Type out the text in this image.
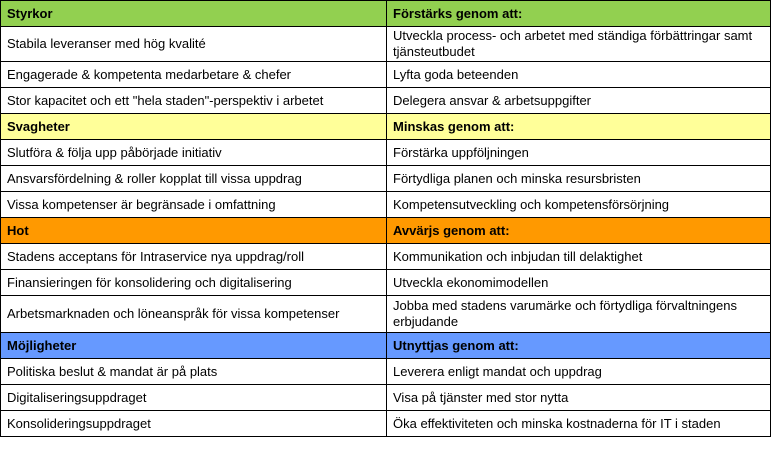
Styrkor	Förstärks genom att:
Stabila leveranser med hög kvalité	Utveckla process- och arbetet med ständiga förbättringar samt tjänsteutbudet
Engagerade & kompetenta medarbetare & chefer	Lyfta goda beteenden
Stor kapacitet och ett "hela staden"-perspektiv i arbetet	Delegera ansvar & arbetsuppgifter
Svagheter	Minskas genom att:
Slutföra & följa upp påbörjade initiativ	Förstärka uppföljningen
Ansvarsfördelning & roller kopplat till vissa uppdrag	Förtydliga planen och minska resursbristen
Vissa kompetenser är begränsade i omfattning	Kompetensutveckling och kompetensförsörjning
Hot	Avvärjs genom att:
Stadens acceptans för Intraservice nya uppdrag/roll	Kommunikation och inbjudan till delaktighet
Finansieringen för konsolidering och digitalisering	Utveckla ekonomimodellen
Arbetsmarknaden och löneanspråk för vissa kompetenser	Jobba med stadens varumärke och förtydliga förvaltningens erbjudande
Möjligheter	Utnyttjas genom att:
Politiska beslut & mandat är på plats	Leverera enligt mandat och uppdrag
Digitaliseringsuppdraget	Visa på tjänster med stor nytta
Konsolideringsuppdraget	Öka effektiviteten och minska kostnaderna för IT i staden
